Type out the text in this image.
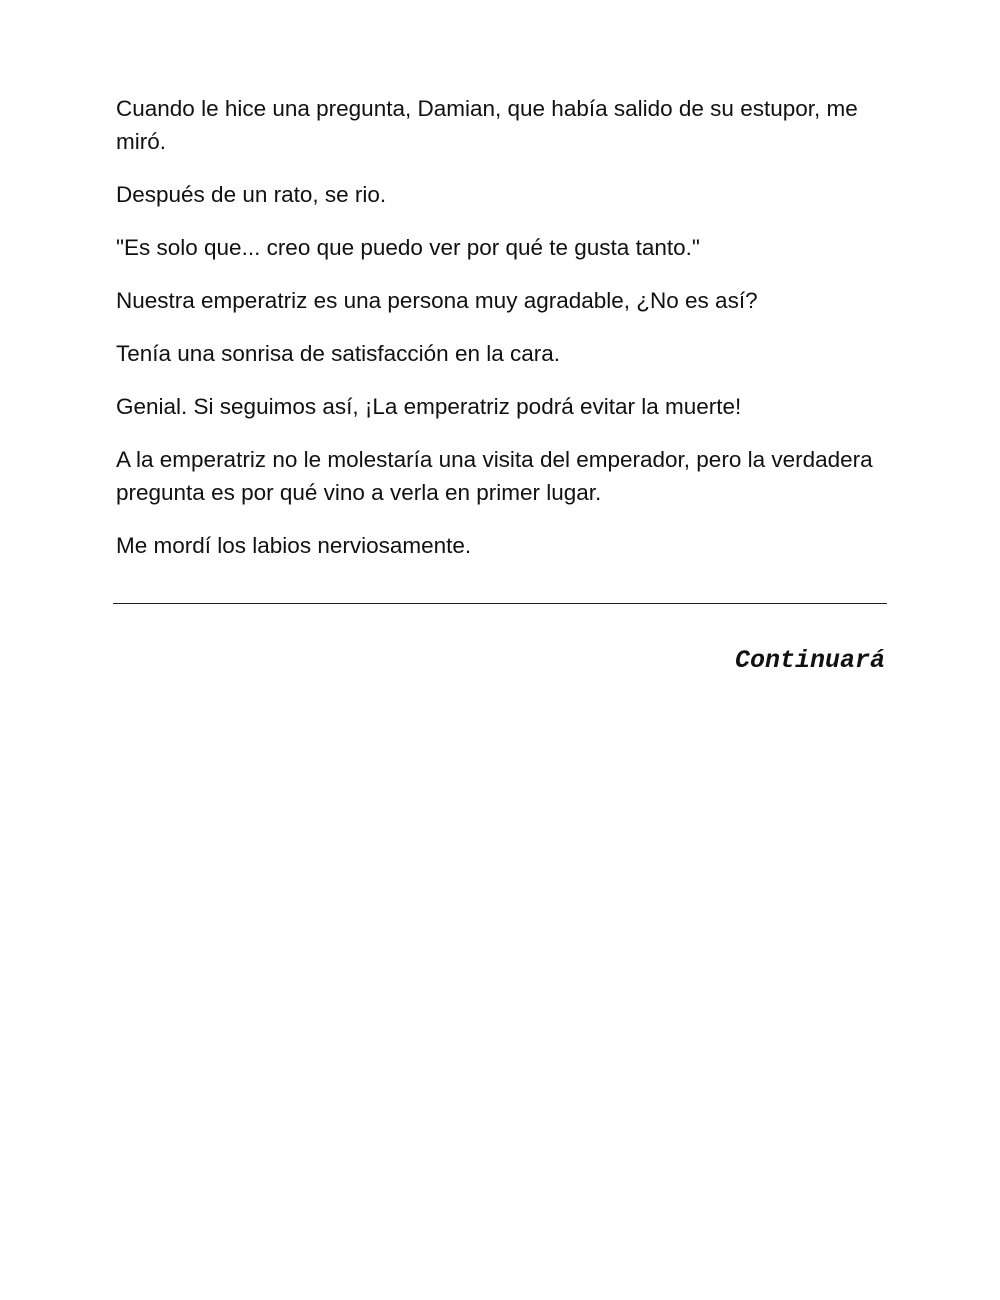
Cuando le hice una pregunta, Damian, que había salido de su estupor, me miró.

Después de un rato, se rio.

"Es solo que... creo que puedo ver por qué te gusta tanto."

Nuestra emperatriz es una persona muy agradable, ¿No es así?

Tenía una sonrisa de satisfacción en la cara.

Genial. Si seguimos así, ¡La emperatriz podrá evitar la muerte!

A la emperatriz no le molestaría una visita del emperador, pero la verdadera pregunta es por qué vino a verla en primer lugar.

Me mordí los labios nerviosamente.

Continuará
